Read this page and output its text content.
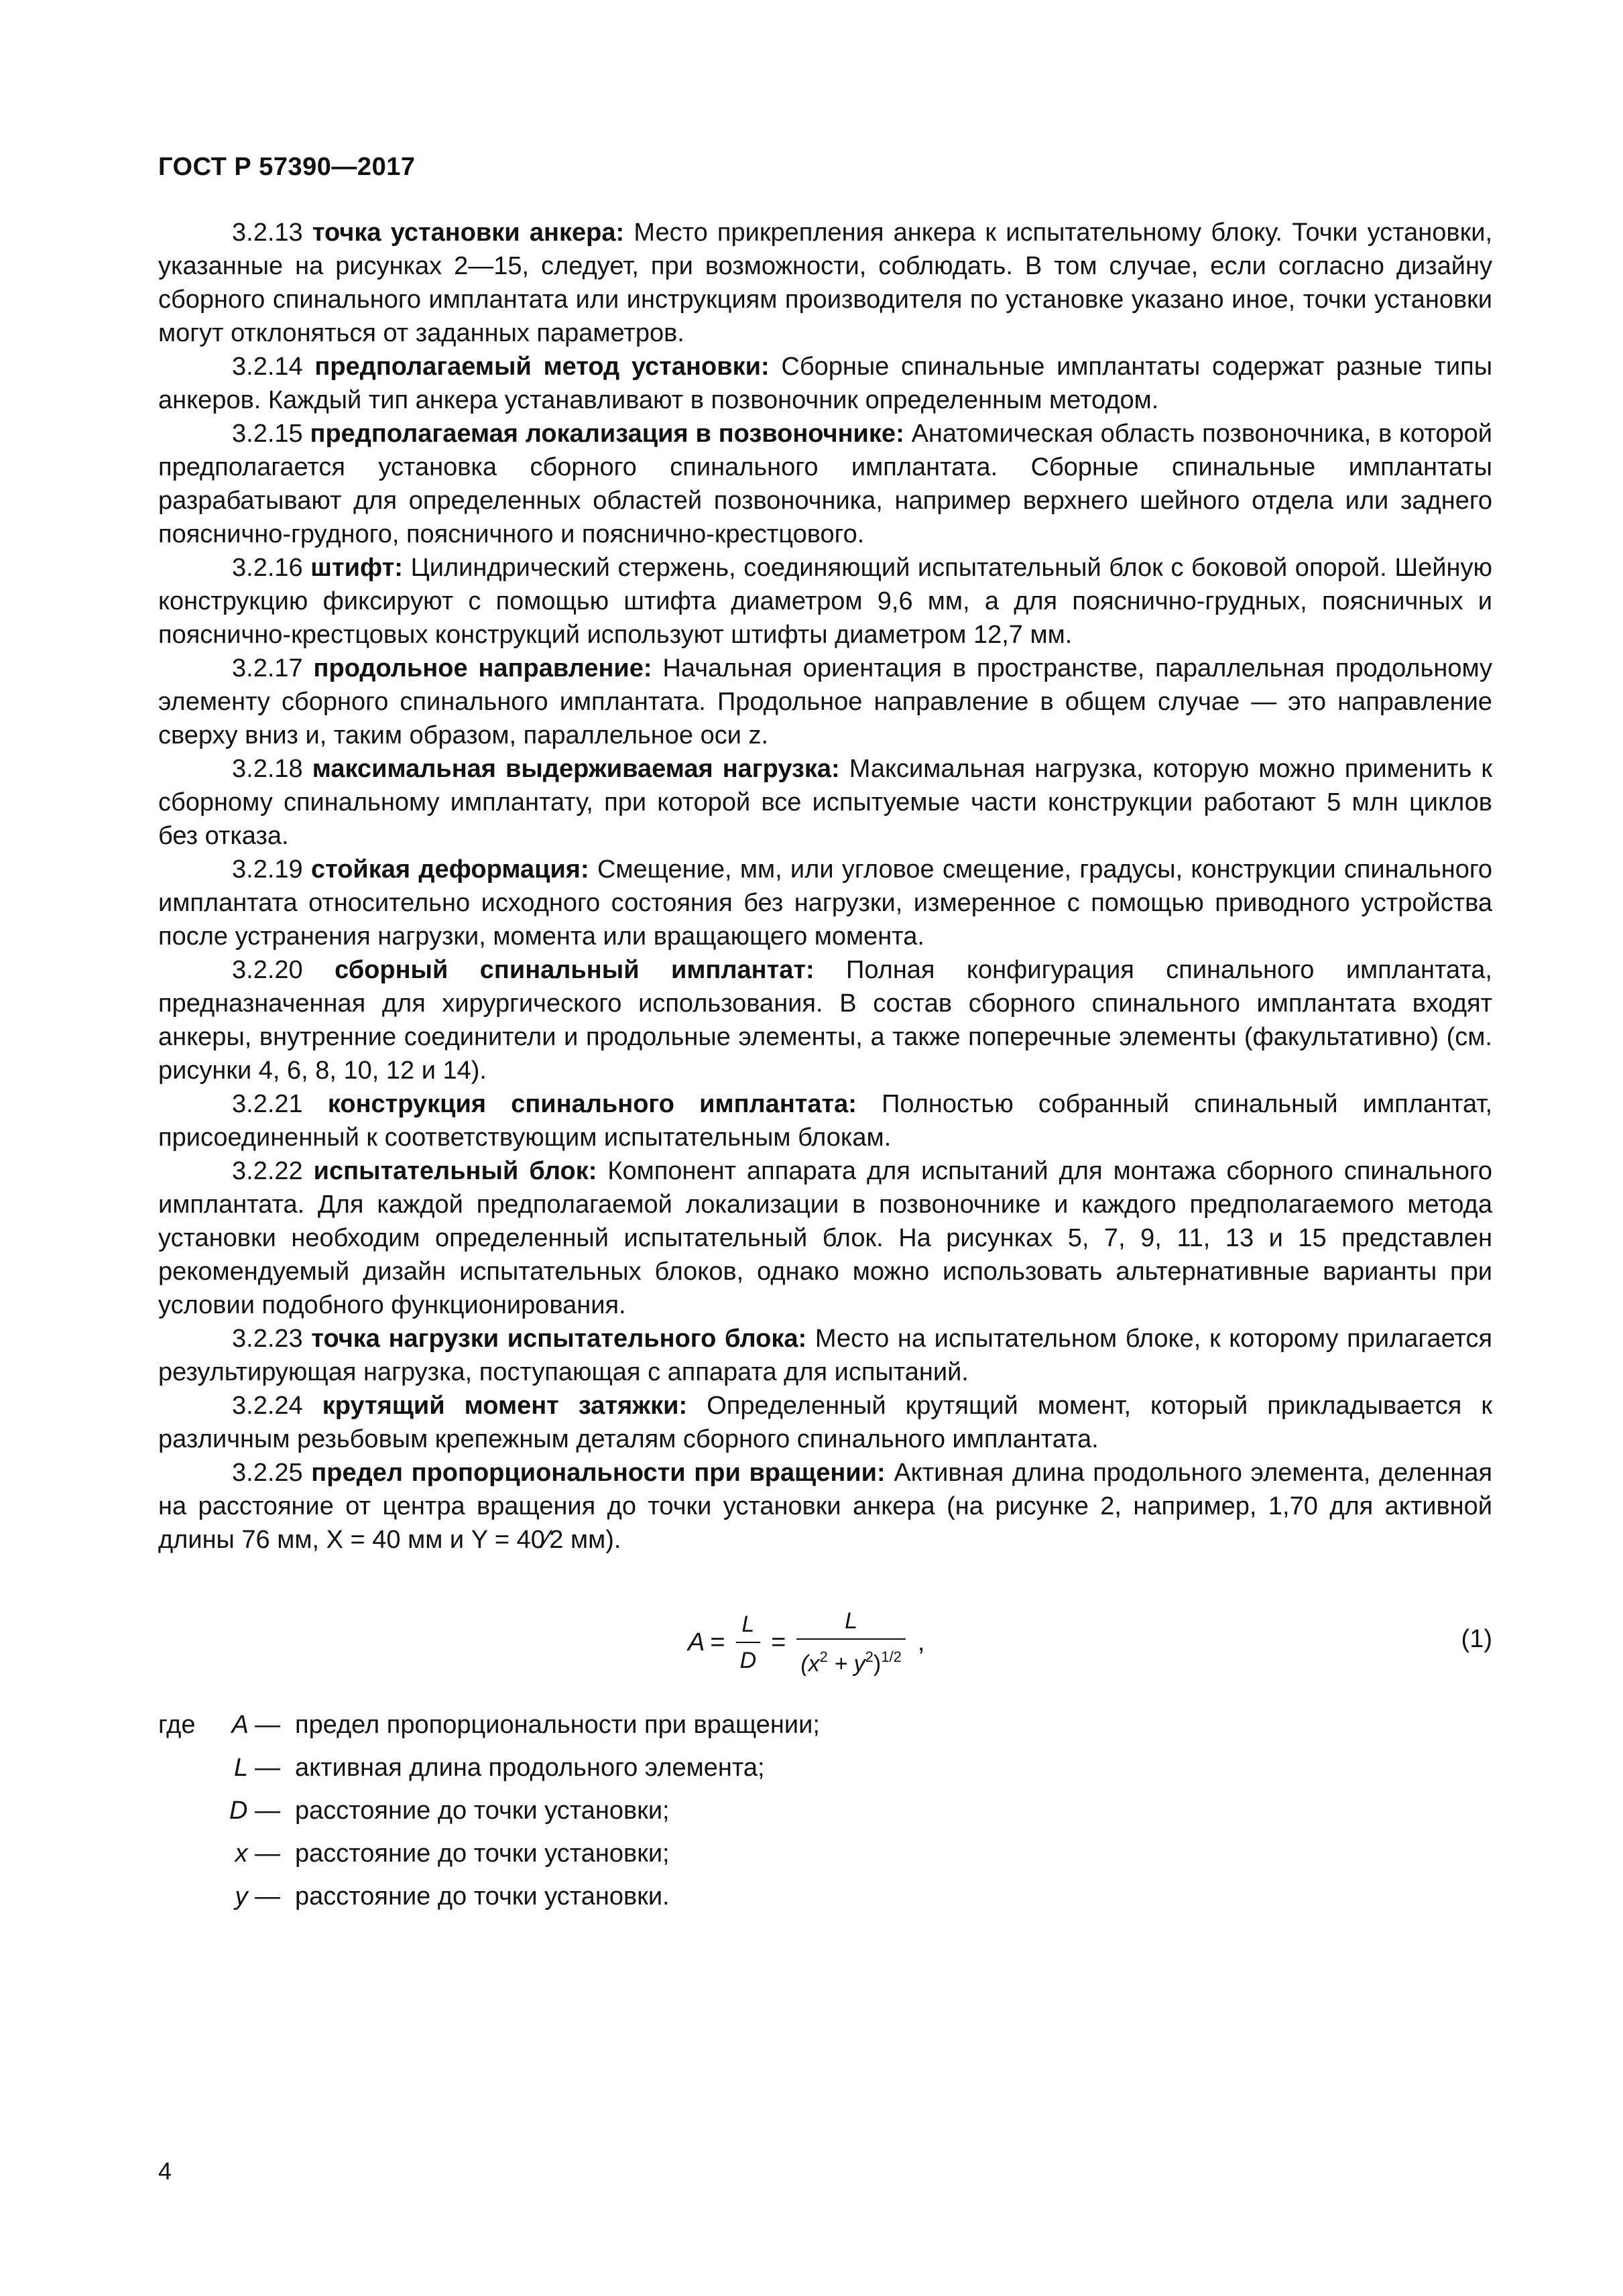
ГОСТ Р 57390—2017

3.2.13 точка установки анкера: Место прикрепления анкера к испытательному блоку. Точки установки, указанные на рисунках 2—15, следует, при возможности, соблюдать. В том случае, если согласно дизайну сборного спинального имплантата или инструкциям производителя по установке указано иное, точки установки могут отклоняться от заданных параметров.

3.2.14 предполагаемый метод установки: Сборные спинальные имплантаты содержат разные типы анкеров. Каждый тип анкера устанавливают в позвоночник определенным методом.

3.2.15 предполагаемая локализация в позвоночнике: Анатомическая область позвоночника, в которой предполагается установка сборного спинального имплантата. Сборные спинальные имплантаты разрабатывают для определенных областей позвоночника, например верхнего шейного отдела или заднего пояснично-грудного, поясничного и пояснично-крестцового.

3.2.16 штифт: Цилиндрический стержень, соединяющий испытательный блок с боковой опорой. Шейную конструкцию фиксируют с помощью штифта диаметром 9,6 мм, а для пояснично-грудных, поясничных и пояснично-крестцовых конструкций используют штифты диаметром 12,7 мм.

3.2.17 продольное направление: Начальная ориентация в пространстве, параллельная продольному элементу сборного спинального имплантата. Продольное направление в общем случае — это направление сверху вниз и, таким образом, параллельное оси z.

3.2.18 максимальная выдерживаемая нагрузка: Максимальная нагрузка, которую можно применить к сборному спинальному имплантату, при которой все испытуемые части конструкции работают 5 млн циклов без отказа.

3.2.19 стойкая деформация: Смещение, мм, или угловое смещение, градусы, конструкции спинального имплантата относительно исходного состояния без нагрузки, измеренное с помощью приводного устройства после устранения нагрузки, момента или вращающего момента.

3.2.20 сборный спинальный имплантат: Полная конфигурация спинального имплантата, предназначенная для хирургического использования. В состав сборного спинального имплантата входят анкеры, внутренние соединители и продольные элементы, а также поперечные элементы (факультативно) (см. рисунки 4, 6, 8, 10, 12 и 14).

3.2.21 конструкция спинального имплантата: Полностью собранный спинальный имплантат, присоединенный к соответствующим испытательным блокам.

3.2.22 испытательный блок: Компонент аппарата для испытаний для монтажа сборного спинального имплантата. Для каждой предполагаемой локализации в позвоночнике и каждого предполагаемого метода установки необходим определенный испытательный блок. На рисунках 5, 7, 9, 11, 13 и 15 представлен рекомендуемый дизайн испытательных блоков, однако можно использовать альтернативные варианты при условии подобного функционирования.

3.2.23 точка нагрузки испытательного блока: Место на испытательном блоке, к которому прилагается результирующая нагрузка, поступающая с аппарата для испытаний.

3.2.24 крутящий момент затяжки: Определенный крутящий момент, который прикладывается к различным резьбовым крепежным деталям сборного спинального имплантата.

3.2.25 предел пропорциональности при вращении: Активная длина продольного элемента, деленная на расстояние от центра вращения до точки установки анкера (на рисунке 2, например, 1,70 для активной длины 76 мм, X = 40 мм и Y = 40⁄2 мм).

$A = \frac{L}{D} = \frac{L}{(x^2 + y^2)^{1/2}}$ ,	(1)
где	A — предел пропорциональности при вращении;
L — активная длина продольного элемента;
D — расстояние до точки установки;
x — расстояние до точки установки;
y — расстояние до точки установки.
4
